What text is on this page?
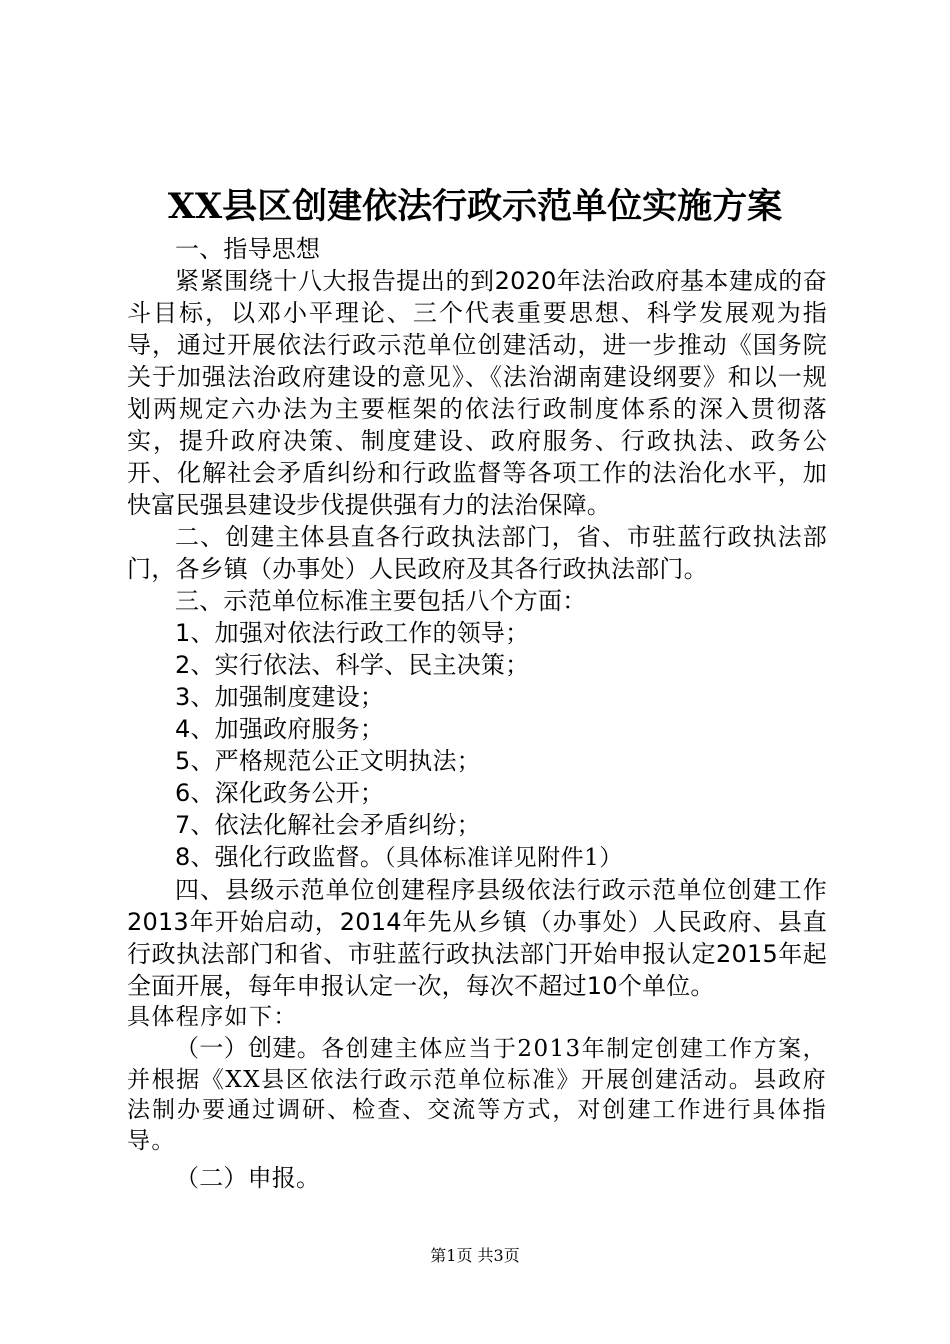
XX县区创建依法行政示范单位实施方案

一、指导思想

紧紧围绕十八大报告提出的到2020年法治政府基本建成的奋斗目标，以邓小平理论、三个代表重要思想、科学发展观为指导，通过开展依法行政示范单位创建活动，进一步推动《国务院关于加强法治政府建设的意见》、《法治湖南建设纲要》和以一规划两规定六办法为主要框架的依法行政制度体系的深入贯彻落实，提升政府决策、制度建设、政府服务、行政执法、政务公开、化解社会矛盾纠纷和行政监督等各项工作的法治化水平，加快富民强县建设步伐提供强有力的法治保障。

二、创建主体县直各行政执法部门，省、市驻蓝行政执法部门，各乡镇（办事处）人民政府及其各行政执法部门。

三、示范单位标准主要包括八个方面：

1、加强对依法行政工作的领导；

2、实行依法、科学、民主决策；

3、加强制度建设；

4、加强政府服务；

5、严格规范公正文明执法；

6、深化政务公开；

7、依法化解社会矛盾纠纷；

8、强化行政监督。（具体标准详见附件1）

四、县级示范单位创建程序县级依法行政示范单位创建工作2013年开始启动，2014年先从乡镇（办事处）人民政府、县直行政执法部门和省、市驻蓝行政执法部门开始申报认定2015年起全面开展，每年申报认定一次，每次不超过10个单位。

具体程序如下：

（一）创建。各创建主体应当于2013年制定创建工作方案，并根据《XX县区依法行政示范单位标准》开展创建活动。县政府法制办要通过调研、检查、交流等方式，对创建工作进行具体指导。

（二）申报。

第1页 共3页
